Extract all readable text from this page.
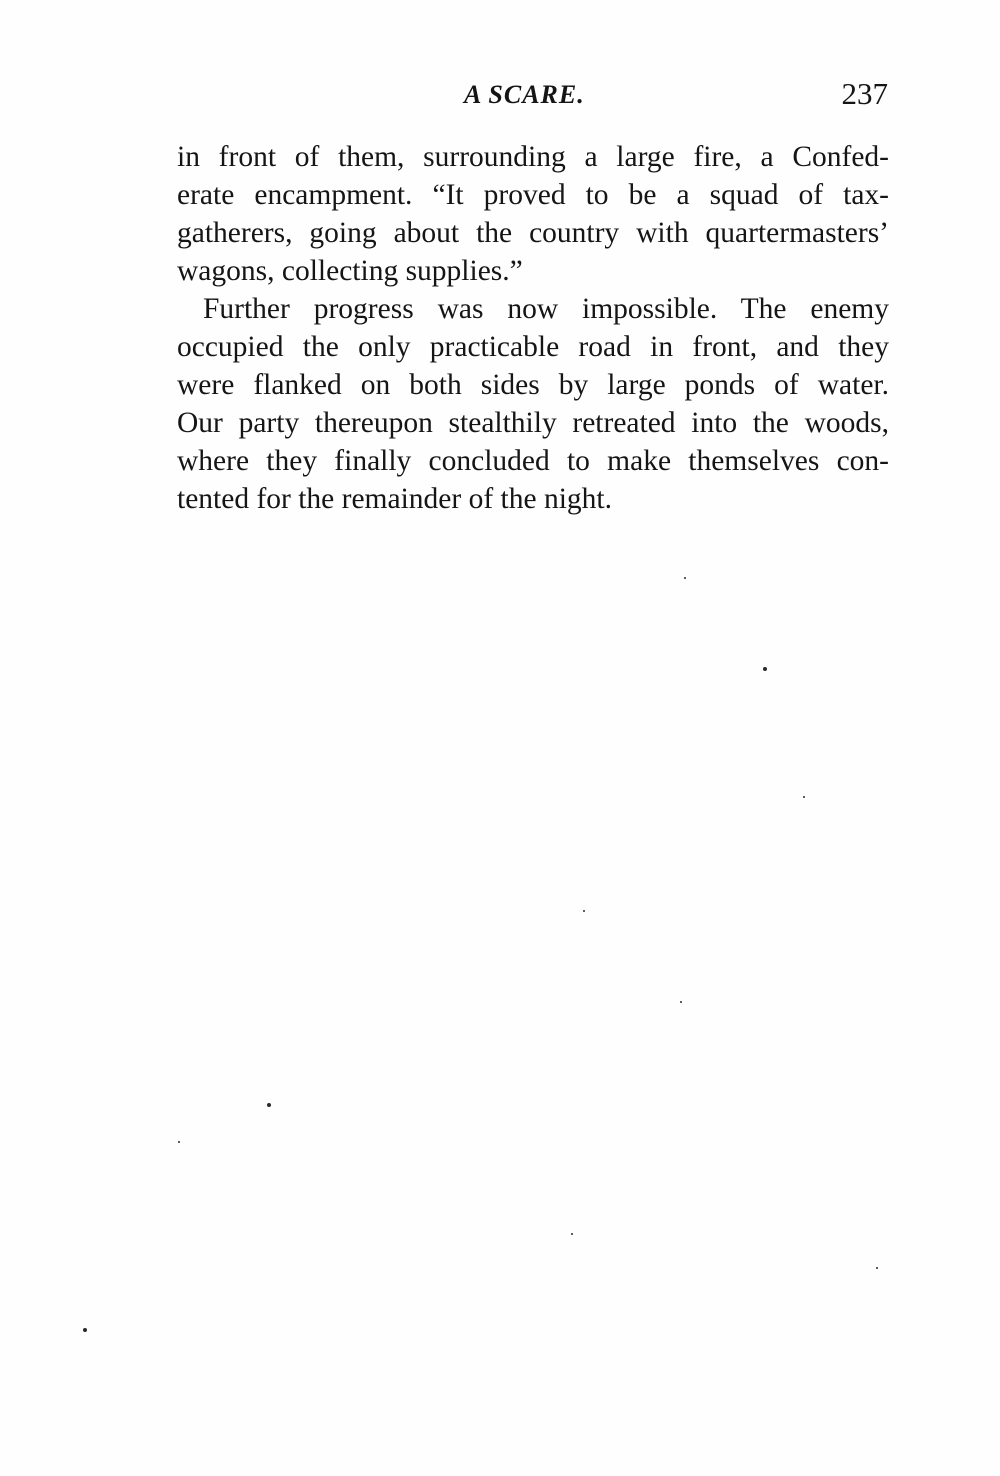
A SCARE.	237
in front of them, surrounding a large fire, a Confed-
erate encampment. “It proved to be a squad of tax-
gatherers, going about the country with quartermasters’
wagons, collecting supplies.”
Further progress was now impossible. The enemy
occupied the only practicable road in front, and they
were flanked on both sides by large ponds of water.
Our party thereupon stealthily retreated into the woods,
where they finally concluded to make themselves con-
tented for the remainder of the night.
